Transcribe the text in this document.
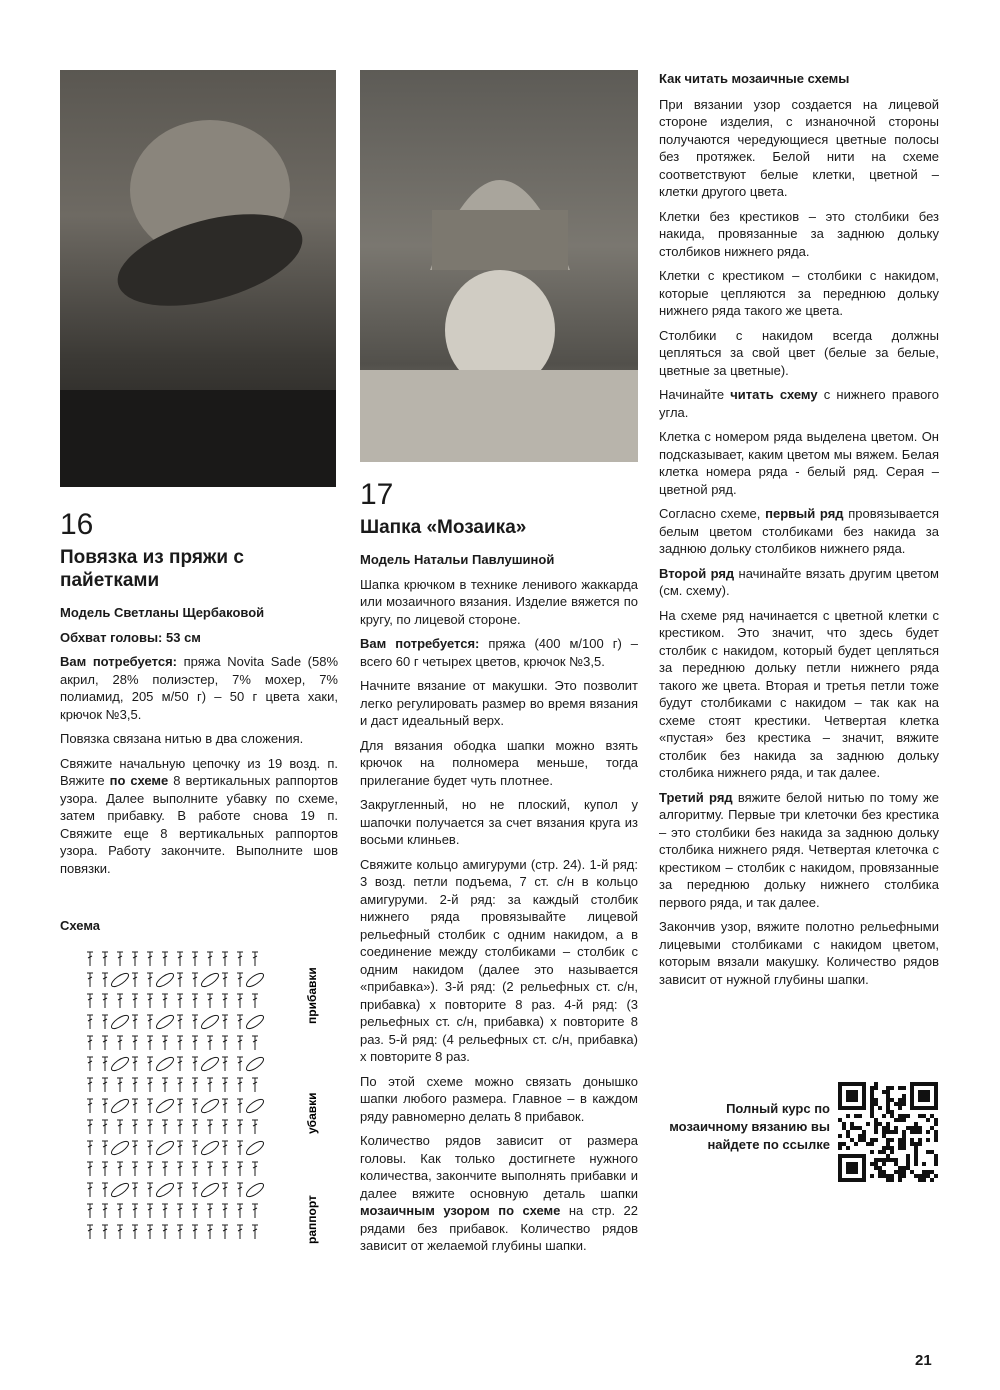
16
Повязка из пряжи с пайетками

Модель Светланы Щербаковой

Обхват головы: 53 см

Вам потребуется: пряжа Novita Sade (58% акрил, 28% полиэстер, 7% мохер, 7% полиамид, 205 м/50 г) – 50 г цвета хаки, крючок №3,5.

Повязка связана нитью в два сложения.

Свяжите начальную цепочку из 19 возд. п. Вяжите по схеме 8 вертикальных раппортов узора. Далее выполните убавку по схеме, затем прибавку. В работе снова 19 п. Свяжите еще 8 вертикальных раппортов узора. Работу закончите. Выполните шов повязки.

Схема
прибавки
убавки
раппорт
17
Шапка «Мозаика»

Модель Натальи Павлушиной

Шапка крючком в технике ленивого жаккарда или мозаичного вязания. Изделие вяжется по кругу, по лицевой стороне.

Вам потребуется: пряжа (400 м/100 г) – всего 60 г четырех цветов, крючок №3,5.

Начните вязание от макушки. Это позволит легко регулировать размер во время вязания и даст идеальный верх.

Для вязания ободка шапки можно взять крючок на полномера меньше, тогда прилегание будет чуть плотнее.

Закругленный, но не плоский, купол у шапочки получается за счет вязания круга из восьми клиньев.

Свяжите кольцо амигуруми (стр. 24). 1-й ряд: 3 возд. петли подъема, 7 ст. с/н в кольцо амигуруми. 2-й ряд: за каждый столбик нижнего ряда провязывайте лицевой рельефный столбик с одним накидом, а в соединение между столбиками – столбик с одним накидом (далее это называется «прибавка»). 3-й ряд: (2 рельефных ст. с/н, прибавка) х повторите 8 раз. 4-й ряд: (3 рельефных ст. с/н, прибавка) х повторите 8 раз. 5-й ряд: (4 рельефных ст. с/н, прибавка) х повторите 8 раз.

По этой схеме можно связать донышко шапки любого размера. Главное – в каждом ряду равномерно делать 8 прибавок.

Количество рядов зависит от размера головы. Как только достигнете нужного количества, закончите выполнять прибавки и далее вяжите основную деталь шапки мозаичным узором по схеме на стр. 22 рядами без прибавок. Количество рядов зависит от желаемой глубины шапки.

Как читать мозаичные схемы

При вязании узор создается на лицевой стороне изделия, с изнаночной стороны получаются чередующиеся цветные полосы без протяжек. Белой нити на схеме соответствуют белые клетки, цветной – клетки другого цвета.

Клетки без крестиков – это столбики без накида, провязанные за заднюю дольку столбиков нижнего ряда.

Клетки с крестиком – столбики с накидом, которые цепляются за переднюю дольку нижнего ряда такого же цвета.

Столбики с накидом всегда должны цепляться за свой цвет (белые за белые, цветные за цветные).

Начинайте читать схему с нижнего правого угла.

Клетка с номером ряда выделена цветом. Он подсказывает, каким цветом мы вяжем. Белая клетка номера ряда - белый ряд. Серая – цветной ряд.

Согласно схеме, первый ряд провязывается белым цветом столбиками без накида за заднюю дольку столбиков нижнего ряда.

Второй ряд начинайте вязать другим цветом (см. схему).

На схеме ряд начинается с цветной клетки с крестиком. Это значит, что здесь будет столбик с накидом, который будет цепляться за переднюю дольку петли нижнего ряда такого же цвета. Вторая и третья петли тоже будут столбиками с накидом – так как на схеме стоят крестики. Четвертая клетка «пустая» без крестика – значит, вяжите столбик без накида за заднюю дольку столбика нижнего ряда, и так далее.

Третий ряд вяжите белой нитью по тому же алгоритму. Первые три клеточки без крестика – это столбики без накида за заднюю дольку столбика нижнего рядя. Четвертая клеточка с крестиком – столбик с накидом, провязанные за переднюю дольку нижнего столбика первого ряда, и так далее.

Закончив узор, вяжите полотно рельефными лицевыми столбиками с накидом цветом, которым вязали макушку. Количество рядов зависит от нужной глубины шапки.

Полный курс по мозаичному вязанию вы найдете по ссылке
21
